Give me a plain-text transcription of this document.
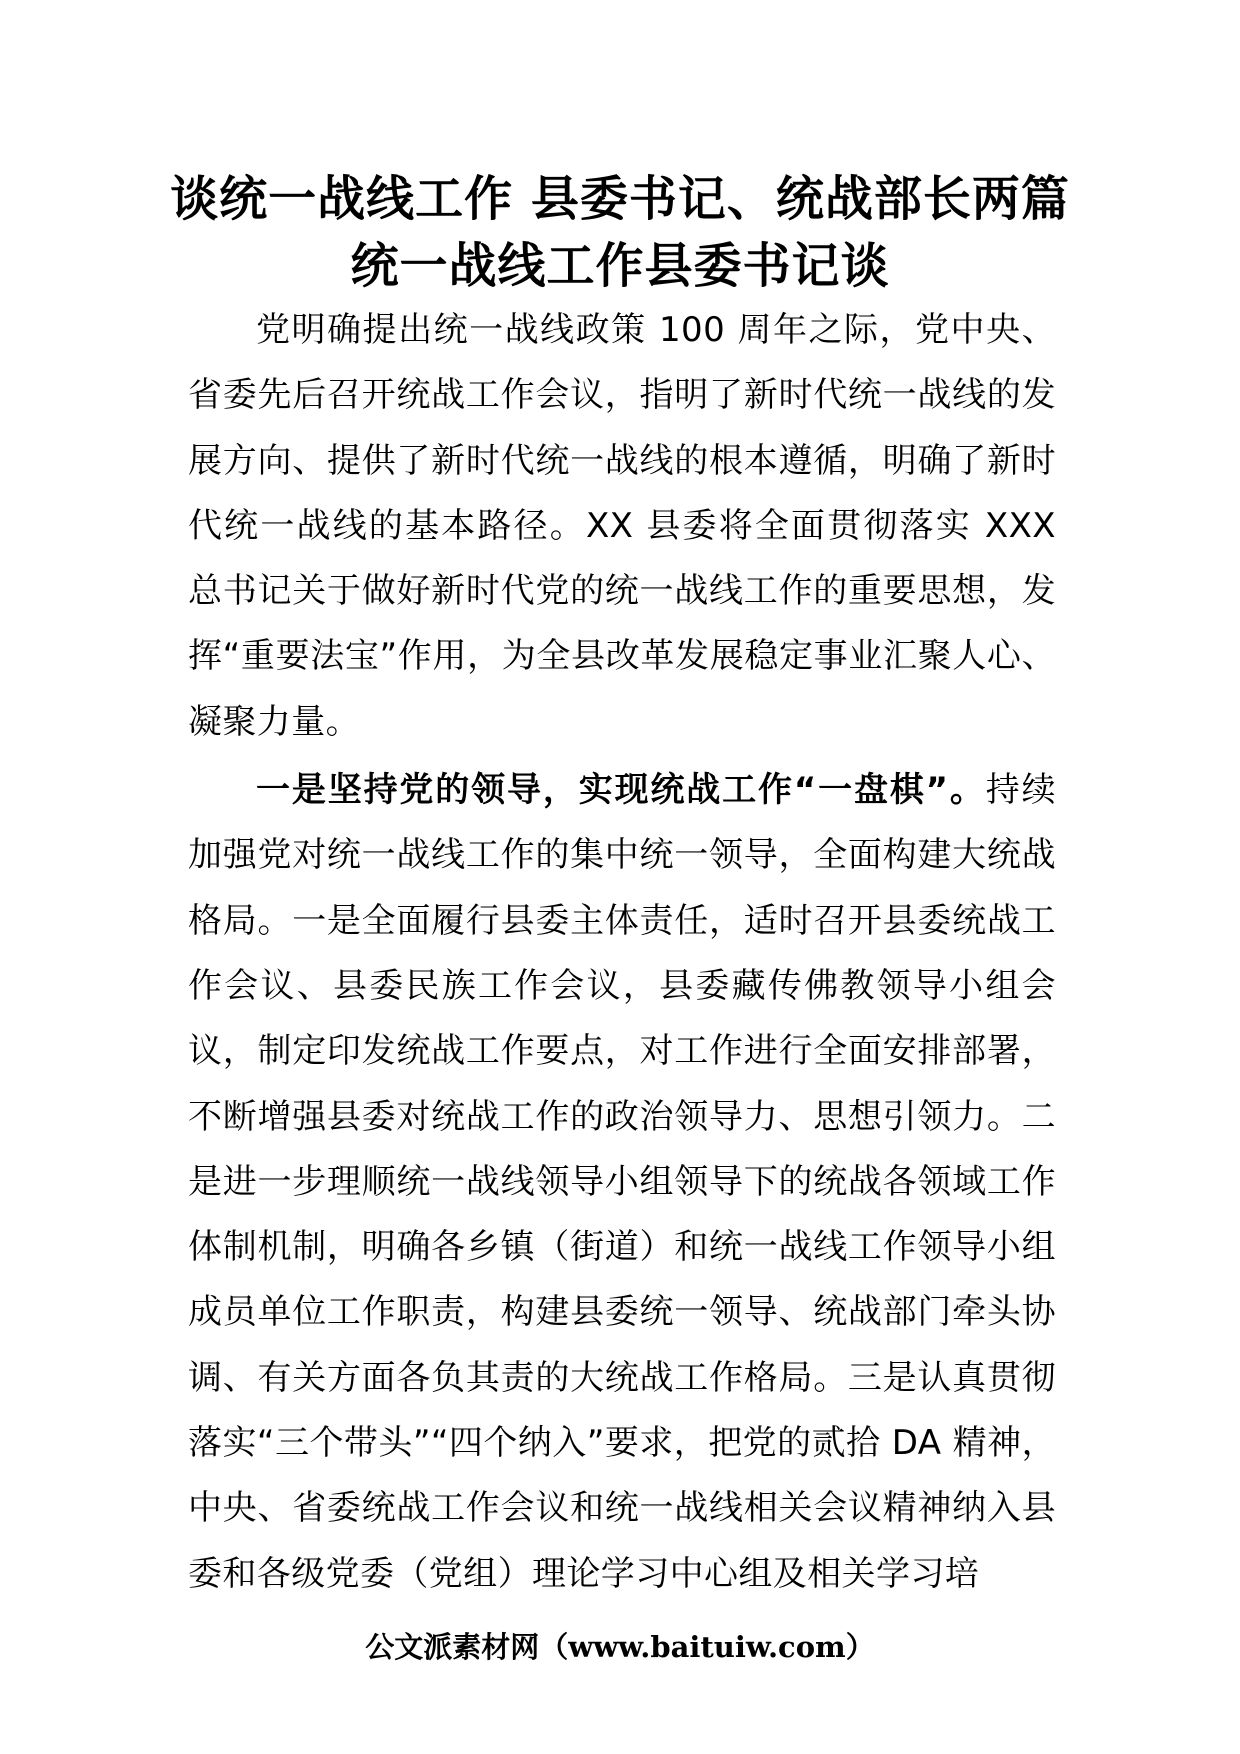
谈统一战线工作 县委书记、统战部长两篇
统一战线工作县委书记谈

党明确提出统一战线政策 100 周年之际，党中央、省委先后召开统战工作会议，指明了新时代统一战线的发展方向、提供了新时代统一战线的根本遵循，明确了新时代统一战线的基本路径。XX 县委将全面贯彻落实 XXX 总书记关于做好新时代党的统一战线工作的重要思想，发挥“重要法宝”作用，为全县改革发展稳定事业汇聚人心、凝聚力量。

一是坚持党的领导，实现统战工作“一盘棋”。持续加强党对统一战线工作的集中统一领导，全面构建大统战格局。一是全面履行县委主体责任，适时召开县委统战工作会议、县委民族工作会议，县委藏传佛教领导小组会议，制定印发统战工作要点，对工作进行全面安排部署，不断增强县委对统战工作的政治领导力、思想引领力。二是进一步理顺统一战线领导小组领导下的统战各领域工作体制机制，明确各乡镇（街道）和统一战线工作领导小组成员单位工作职责，构建县委统一领导、统战部门牵头协调、有关方面各负其责的大统战工作格局。三是认真贯彻落实“三个带头”“四个纳入”要求，把党的贰拾 DA 精神，中央、省委统战工作会议和统一战线相关会议精神纳入县委和各级党委（党组）理论学习中心组及相关学习培

公文派素材网（www.baituiw.com）
